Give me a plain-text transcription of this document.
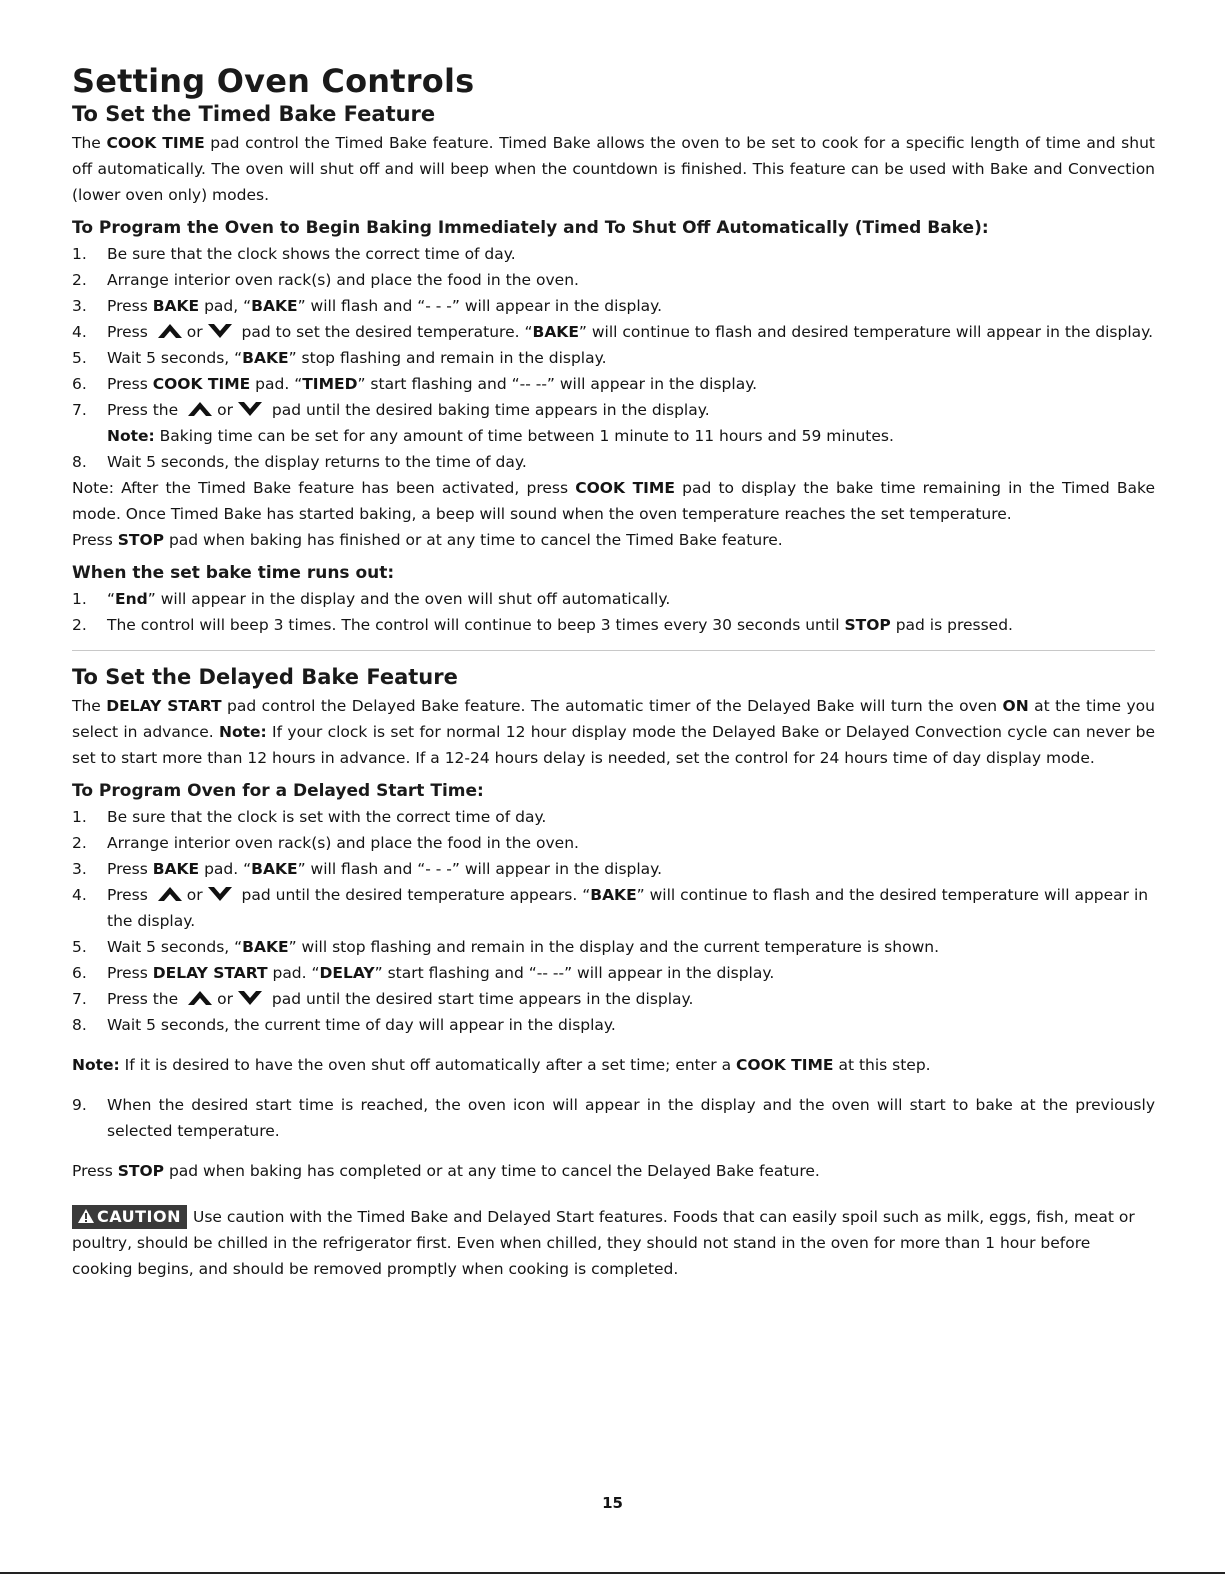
Setting Oven Controls
To Set the Timed Bake Feature

The COOK TIME pad control the Timed Bake feature. Timed Bake allows the oven to be set to cook for a specific length of time and shut off automatically. The oven will shut off and will beep when the countdown is finished. This feature can be used with Bake and Convection (lower oven only) modes.

To Program the Oven to Begin Baking Immediately and To Shut Off Automatically (Timed Bake):
1.	Be sure that the clock shows the correct time of day.
2.	Arrange interior oven rack(s) and place the food in the oven.
3.	Press BAKE pad, “BAKE” will flash and “- - -” will appear in the display.
4.	Press or pad to set the desired temperature. “BAKE” will continue to flash and desired temperature will appear in the display.
5.	Wait 5 seconds, “BAKE” stop flashing and remain in the display.
6.	Press COOK TIME pad. “TIMED” start flashing and “-- --” will appear in the display.
7.	Press the or pad until the desired baking time appears in the display.
Note: Baking time can be set for any amount of time between 1 minute to 11 hours and 59 minutes.
8.	Wait 5 seconds, the display returns to the time of day.

Note: After the Timed Bake feature has been activated, press COOK TIME pad to display the bake time remaining in the Timed Bake mode. Once Timed Bake has started baking, a beep will sound when the oven temperature reaches the set temperature.

Press STOP pad when baking has finished or at any time to cancel the Timed Bake feature.

When the set bake time runs out:
1.	“End” will appear in the display and the oven will shut off automatically.
2.	The control will beep 3 times. The control will continue to beep 3 times every 30 seconds until STOP pad is pressed.
To Set the Delayed Bake Feature

The DELAY START pad control the Delayed Bake feature. The automatic timer of the Delayed Bake will turn the oven ON at the time you select in advance. Note: If your clock is set for normal 12 hour display mode the Delayed Bake or Delayed Convection cycle can never be set to start more than 12 hours in advance. If a 12-24 hours delay is needed, set the control for 24 hours time of day display mode.

To Program Oven for a Delayed Start Time:
1.	Be sure that the clock is set with the correct time of day.
2.	Arrange interior oven rack(s) and place the food in the oven.
3.	Press BAKE pad. “BAKE” will flash and “- - -” will appear in the display.
4.	Press or pad until the desired temperature appears. “BAKE” will continue to flash and the desired temperature will appear in the display.
5.	Wait 5 seconds, “BAKE” will stop flashing and remain in the display and the current temperature is shown.
6.	Press DELAY START pad. “DELAY” start flashing and “-- --” will appear in the display.
7.	Press the or pad until the desired start time appears in the display.
8.	Wait 5 seconds, the current time of day will appear in the display.

Note: If it is desired to have the oven shut off automatically after a set time; enter a COOK TIME at this step.

9.	When the desired start time is reached, the oven icon will appear in the display and the oven will start to bake at the previously selected temperature.

Press STOP pad when baking has completed or at any time to cancel the Delayed Bake feature.

CAUTION Use caution with the Timed Bake and Delayed Start features. Foods that can easily spoil such as milk, eggs, fish, meat or poultry, should be chilled in the refrigerator first. Even when chilled, they should not stand in the oven for more than 1 hour before cooking begins, and should be removed promptly when cooking is completed.

15
